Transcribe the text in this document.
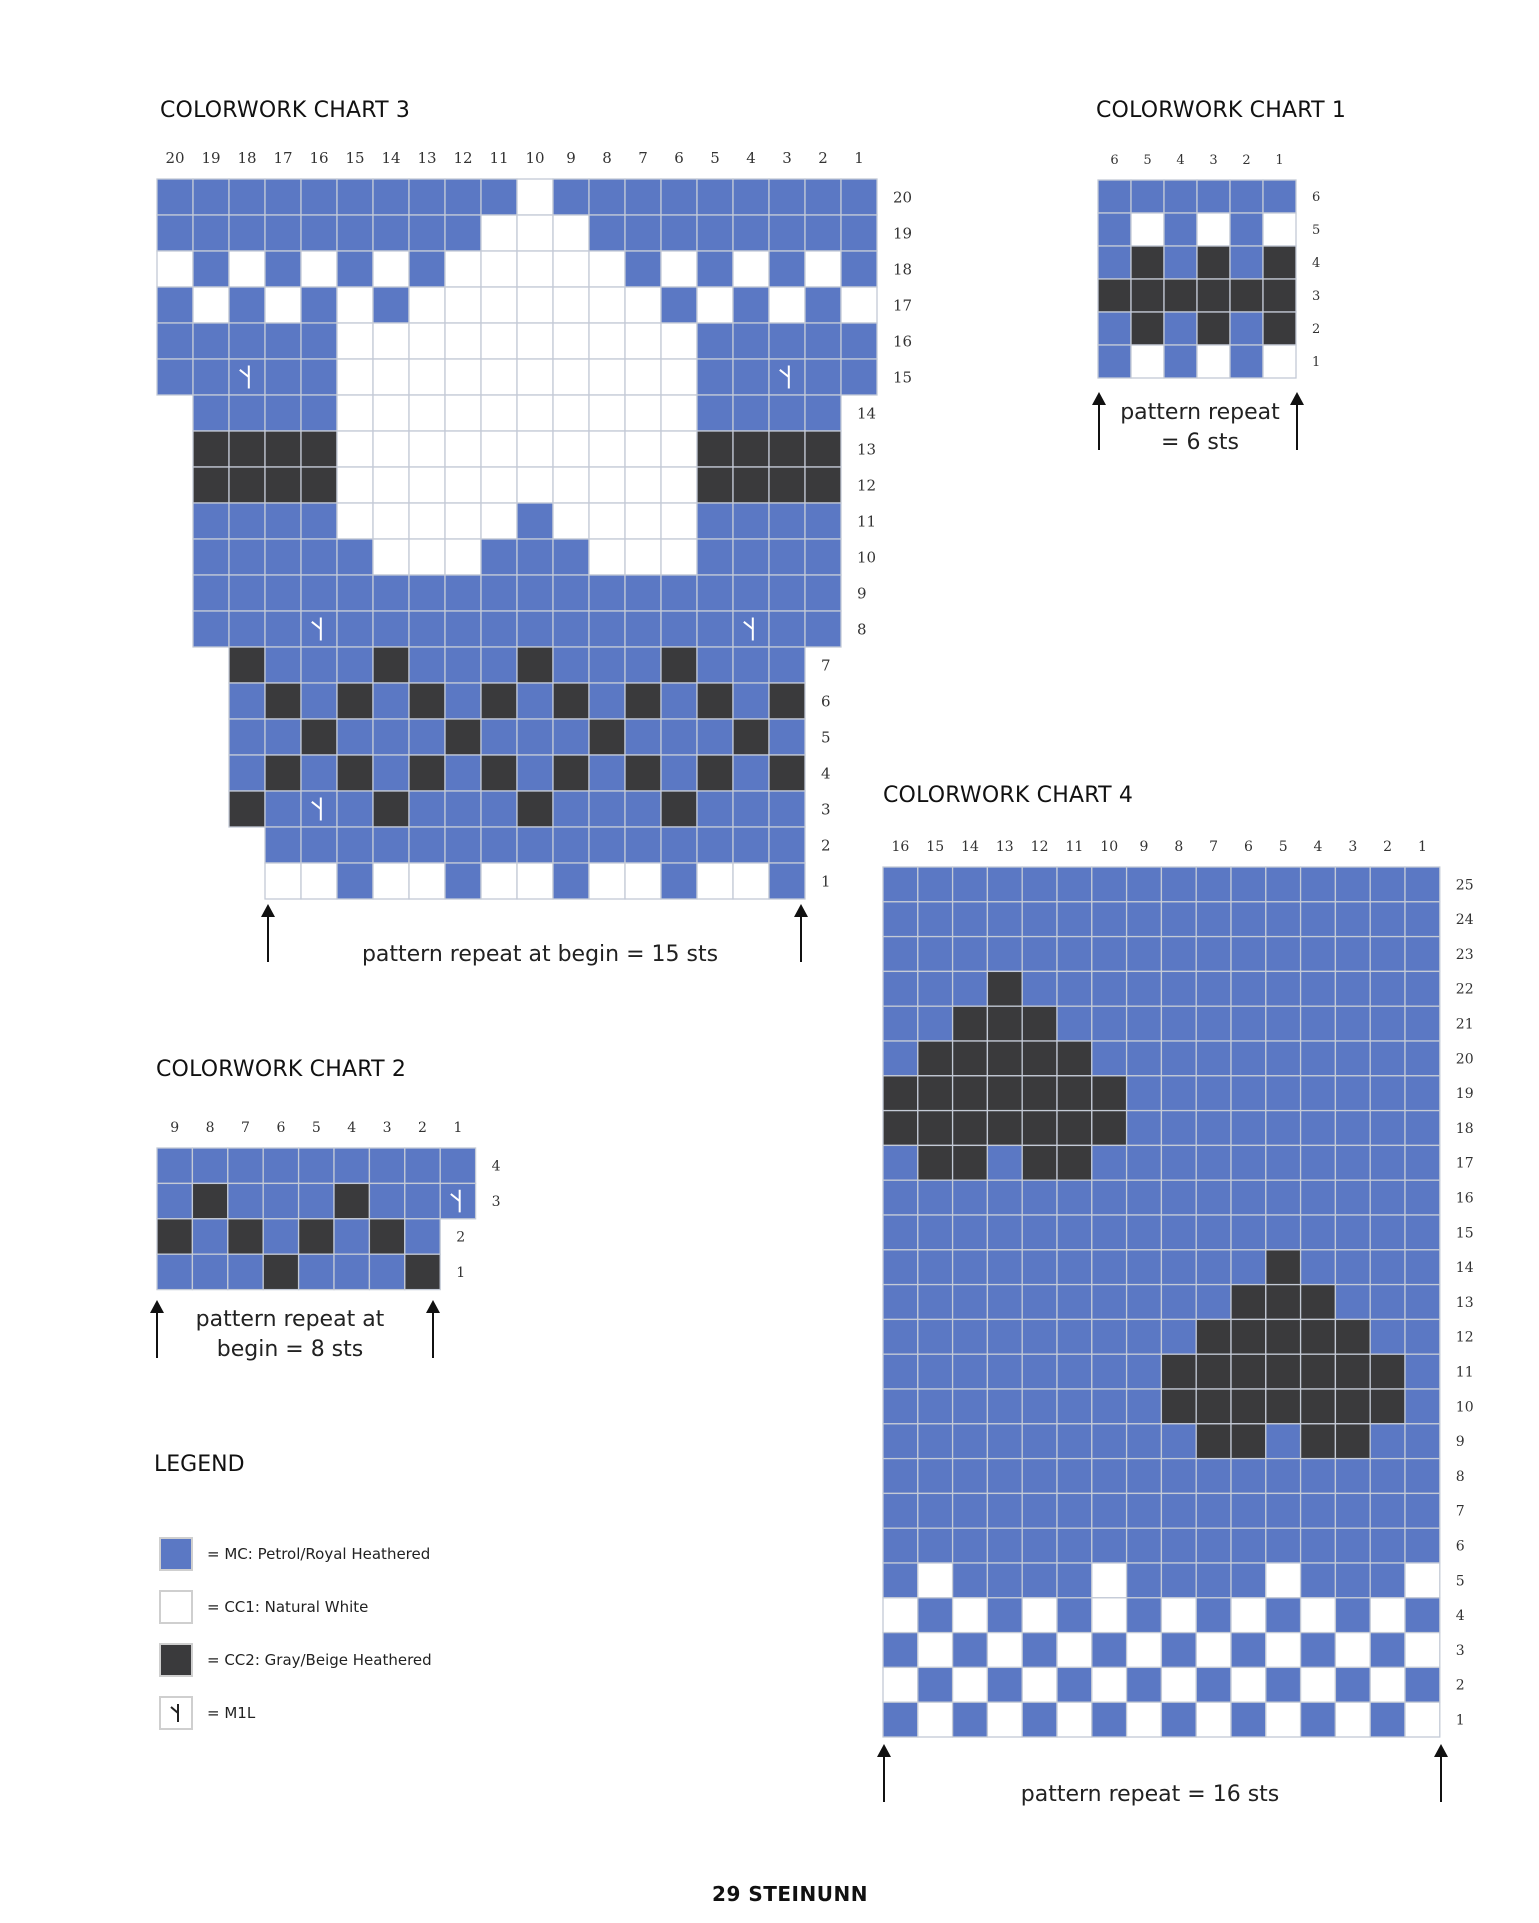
COLORWORK CHART 3
20 19 18 17 16 15 14 13 12 11 10 9 8 7 6 5 4 3 2 1
20
19
18
17
16
15
14
13
12
11
10
9
8
7
6
5
4
3
2
1
pattern repeat at begin = 15 sts
COLORWORK CHART 1
6 5 4 3 2 1
6
5
4
3
2
1
pattern repeat
= 6 sts
COLORWORK CHART 2
9 8 7 6 5 4 3 2 1
4
3
2
1
pattern repeat at
begin = 8 sts
COLORWORK CHART 4
16 15 14 13 12 11 10 9 8 7 6 5 4 3 2 1
25
24
23
22
21
20
19
18
17
16
15
14
13
12
11
10
9
8
7
6
5
4
3
2
1
pattern repeat = 16 sts
LEGEND
= MC: Petrol/Royal Heathered
= CC1: Natural White
= CC2: Gray/Beige Heathered
= M1L
29 STEINUNN
